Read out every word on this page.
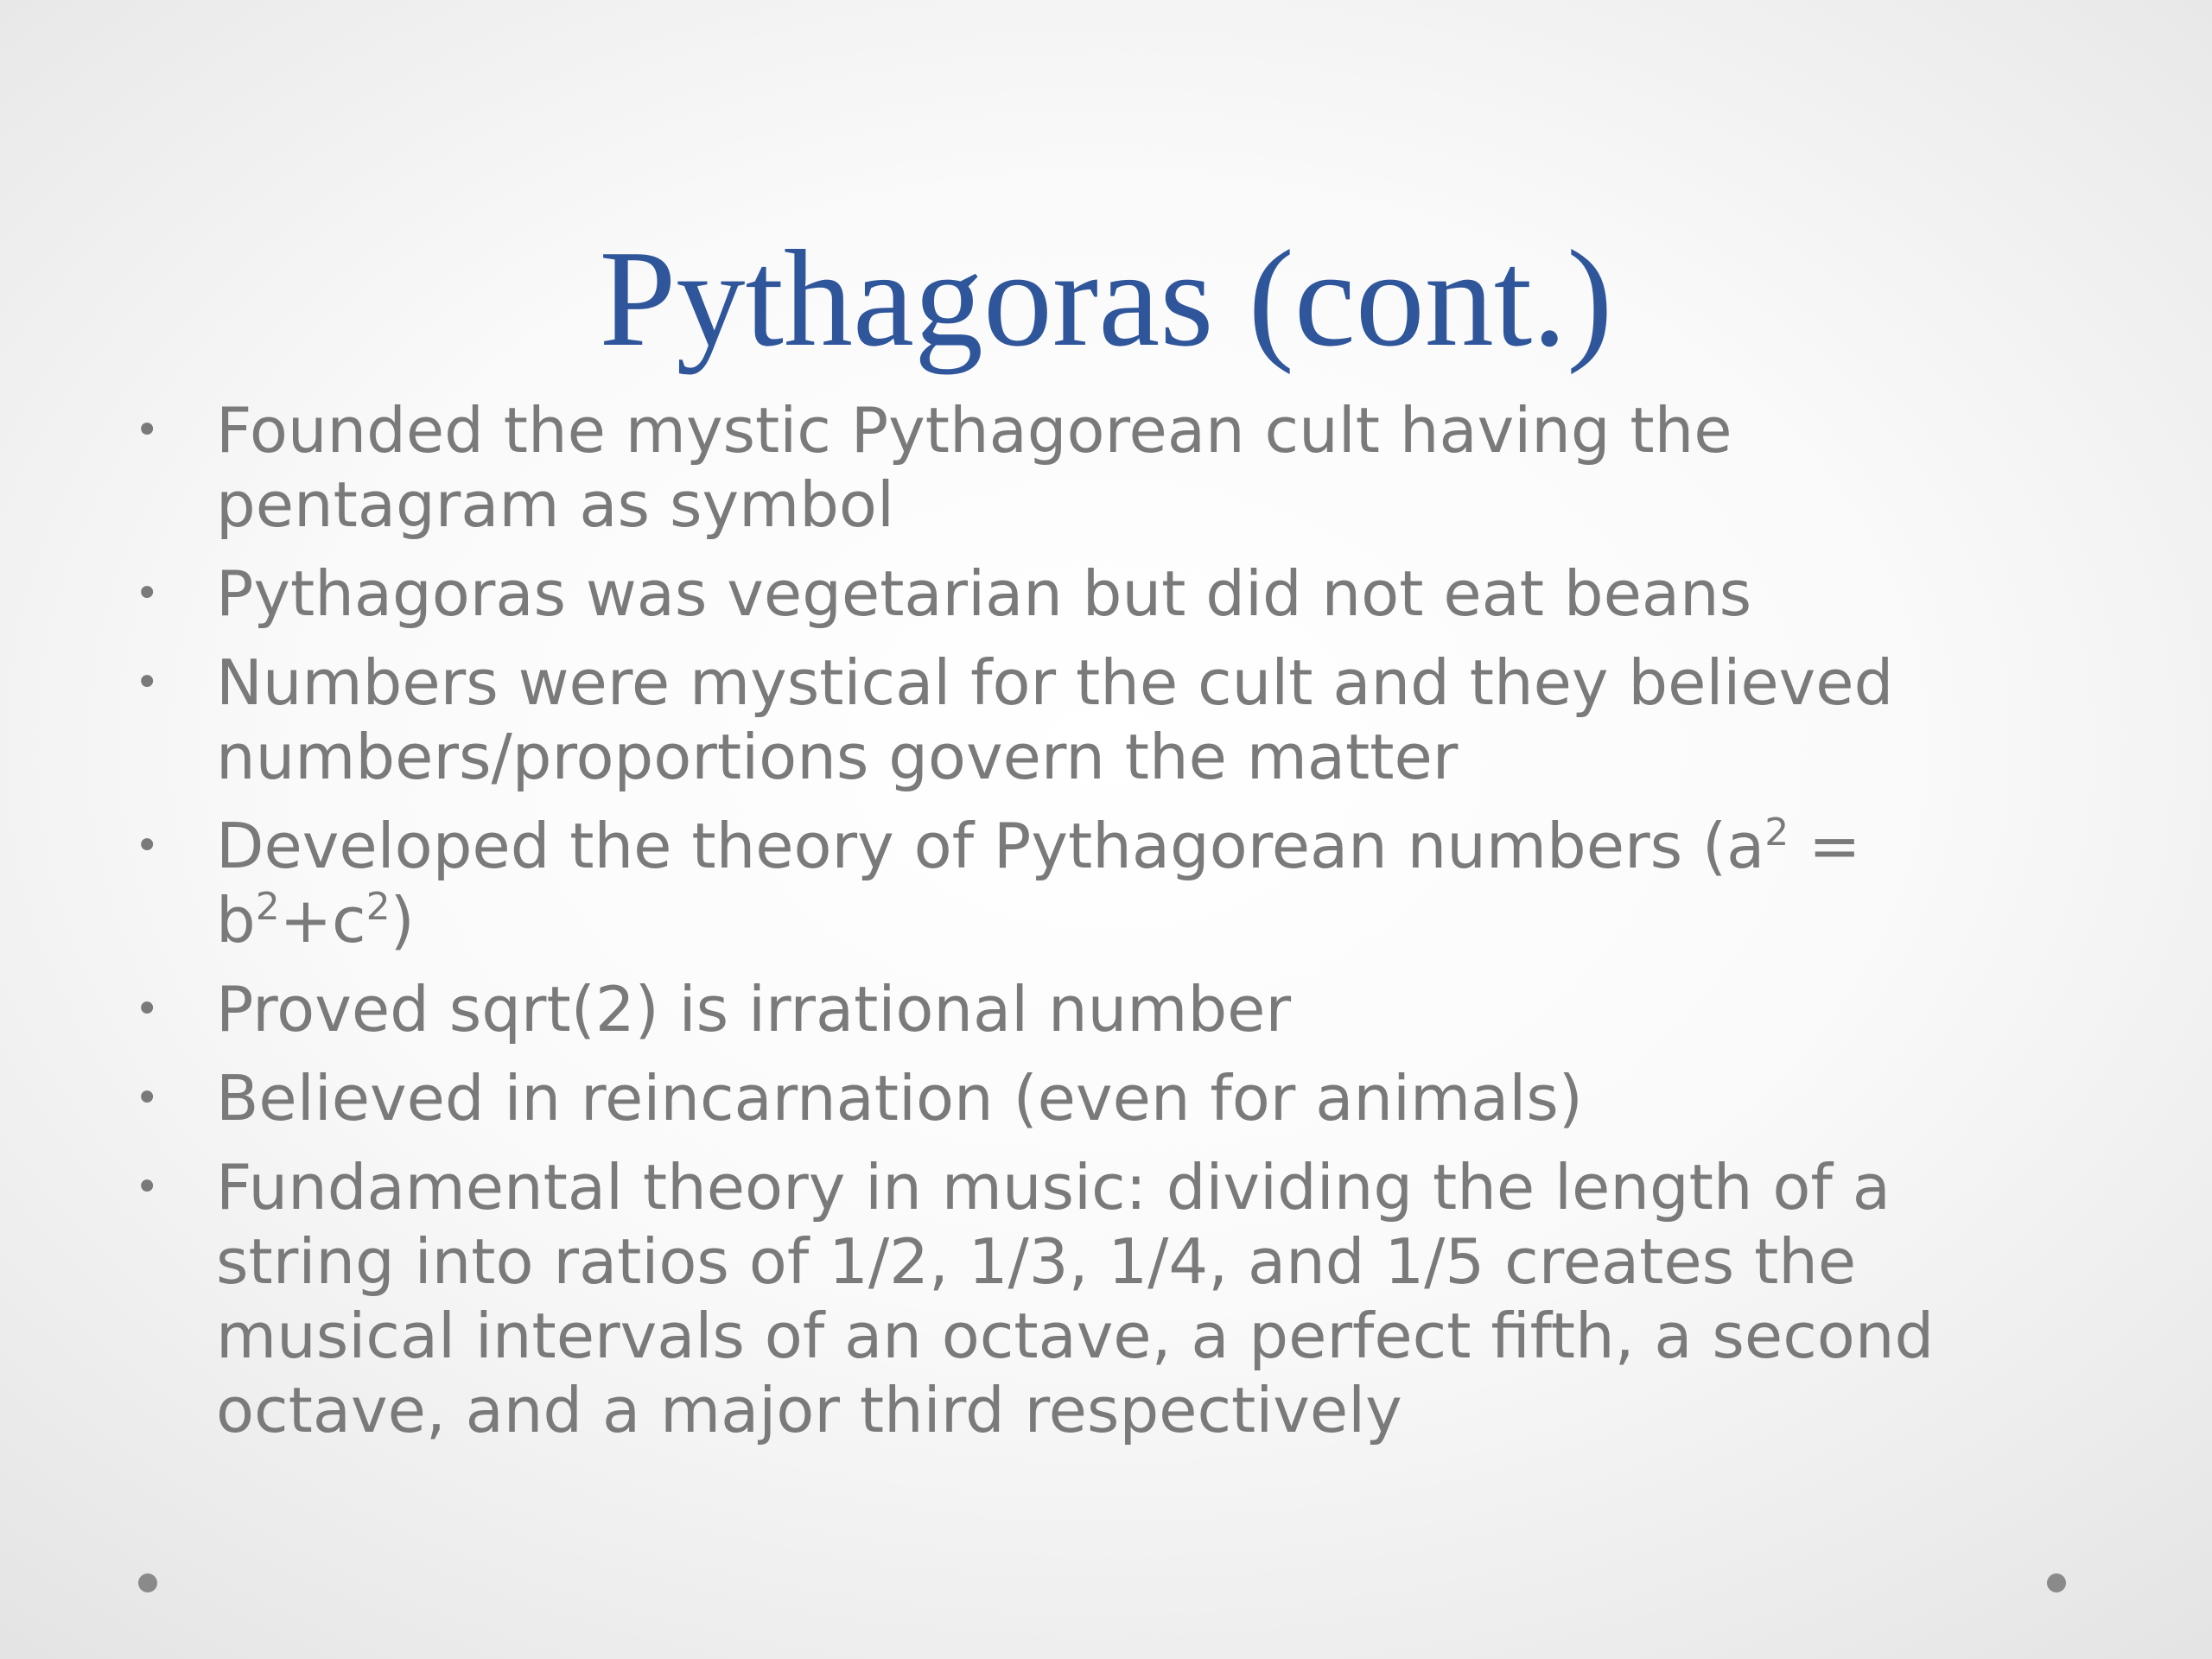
Pythagoras (cont.)
• Founded the mystic Pythagorean cult having the pentagram as symbol
• Pythagoras was vegetarian but did not eat beans
• Numbers were mystical for the cult and they believed numbers/proportions govern the matter
• Developed the theory of Pythagorean numbers $(a^2 = b^2+c^2)$
• Proved sqrt(2) is irrational number
• Believed in reincarnation (even for animals)
• Fundamental theory in music: dividing the length of a string into ratios of 1/2, 1/3, 1/4, and 1/5 creates the musical intervals of an octave, a perfect fifth, a second octave, and a major third respectively
